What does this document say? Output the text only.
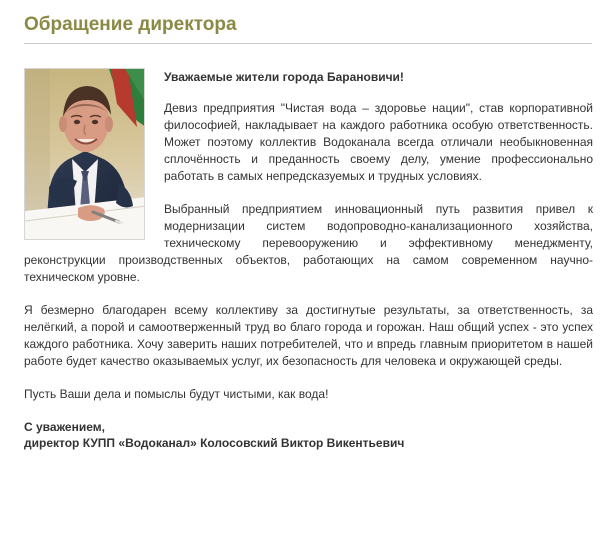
Обращение директора

Уважаемые жители города Барановичи!

Девиз предприятия "Чистая вода – здоровье нации", став корпоративной философией, накладывает на каждого работника особую ответственность. Может поэтому коллектив Водоканала всегда отличали необыкновенная сплочённость и преданность своему делу, умение профессионально работать в самых непредсказуемых и трудных условиях.

Выбранный предприятием инновационный путь развития привел к модернизации систем водопроводно-канализационного хозяйства, техническому перевооружению и эффективному менеджменту, реконструкции производственных объектов, работающих на самом современном научно-техническом уровне.

Я безмерно благодарен всему коллективу за достигнутые результаты, за ответственность, за нелёгкий, а порой и самоотверженный труд во благо города и горожан. Наш общий успех - это успех каждого работника. Хочу заверить наших потребителей, что и впредь главным приоритетом в нашей работе будет качество оказываемых услуг, их безопасность для человека и окружающей среды.

Пусть Ваши дела и помыслы будут чистыми, как вода!

С уважением,
директор КУПП «Водоканал» Колосовский Виктор Викентьевич
